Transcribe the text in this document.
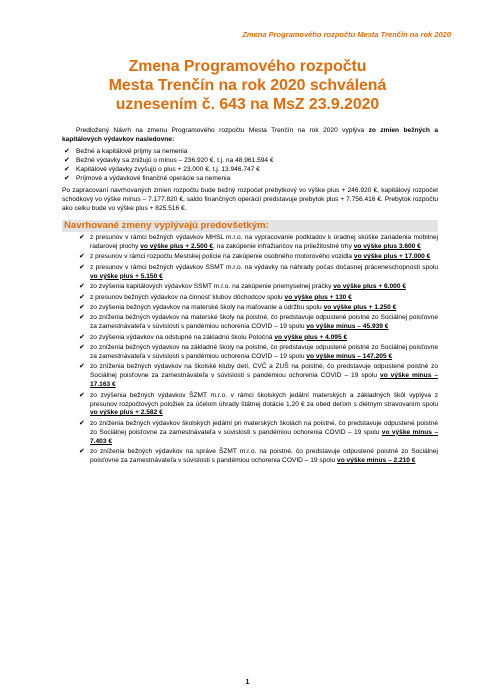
Zmena Programového rozpočtu Mesta Trenčín na rok 2020
Zmena Programového rozpočtu
Mesta Trenčín na rok 2020 schválená
uznesením č. 643 na MsZ 23.9.2020

Predložený Návrh na zmenu Programového rozpočtu Mesta Trenčín na rok 2020 vyplýva zo zmien bežných a kapitálových výdavkov nasledovne:

✔ Bežné a kapitálové príjmy sa nemenia
✔ Bežné výdavky sa znižujú o mínus – 236.920 €, t.j. na 48.961.594 €
✔ Kapitálové výdavky zvyšujú o plus + 23.000 €, t.j. 13.946.747 €
✔ Príjmové a výdavkové finančné operácie sa nemenia

Po zapracovaní navrhovaných zmien rozpočtu bude bežný rozpočet prebytkový vo výške plus + 246.920 €, kapitálový rozpočet schodkový vo výške mínus – 7.177.820 €, saldo finančných operácií predstavuje prebytok plus + 7.756.416 €. Prebytok rozpočtu ako celku bude vo výške plus + 825.516 €.

Navrhované zmeny vyplývajú predovšetkým:
✔ z presunov v rámci bežných výdavkov MHSL m.r.o. na vypracovanie podkladov k úradnej skúške zariadenia mobilnej radarovej plochy vo výške plus + 2.500 €, na zakúpenie infražiaričov na priležitostné trhy vo výške plus 3.600 €
✔ z presunov v rámci rozpočtu Mestskej polície na zakúpenie osobného motorového vozidla vo výške plus + 17.000 €
✔ z presunov v rámci bežných výdavkov SSMT m.r.o. na výdavky na náhrady počas dočasnej práceneschopnosti spolu vo výške plus + 5.150 €
✔ zo zvýšenia kapitálových výdavkov SSMT m.r.o. na zakúpenie priemyselnej práčky vo výške plus + 6.000 €
✔ z presunov bežných výdavkov na činnosť klubov dôchodcov spolu vo výške plus + 130 €
✔ zo zvýšenia bežných výdavkov na materské školy na maľovanie a údržbu spolu vo výške plus + 1.250 €
✔ zo zníženia bežných výdavkov na materské školy na poistné, čo predstavuje odpustené poistné zo Sociálnej poisťovne za zamestnávateľa v súvislosti s pandémiou ochorenia COVID – 19 spolu vo výške mínus – 45.939 €
✔ zo zvýšenia výdavkov na odstupné na základnú školu Potočná vo výške plus + 4.095 €
✔ zo zníženia bežných výdavkov na základné školy na poistné, čo predstavuje odpustené poistné zo Sociálnej poisťovne za zamestnávateľa v súvislosti s pandémiou ochorenia COVID – 19 spolu vo výške mínus – 147.205 €
✔ zo zníženia bežných výdavkov na školské kluby detí, CVČ a ZUŠ na poistné, čo predstavuje odpustené poistné zo Sociálnej poisťovne za zamestnávateľa v súvislosti s pandémiou ochorenia COVID – 19 spolu vo výške mínus – 17.163 €
✔ zo zvýšenia bežných výdavkov ŠZMT m.r.o. v rámci školských jedální materských a základných škôl vyplýva z presunov rozpočtových položiek za účelom úhrady štátnej dotácie 1,20 € za obed deťom s diétnym stravovaním spolu vo výške plus + 2.582 €
✔ zo zníženia bežných výdavkov školských jedální pri materských školách na poistné, čo predstavuje odpustené poistné zo Sociálnej poisťovne za zamestnávateľa v súvislosti s pandémiou ochorenia COVID – 19 spolu vo výške mínus – 7.403 €
✔ zo zníženia bežných výdavkov na správe ŠZMT m.r.o. na poistné, čo predstavuje odpustené poistné zo Sociálnej poisťovne za zamestnávateľa v súvislosti s pandémiou ochorenia COVID – 19 spolu vo výške mínus – 2.210 €
1
